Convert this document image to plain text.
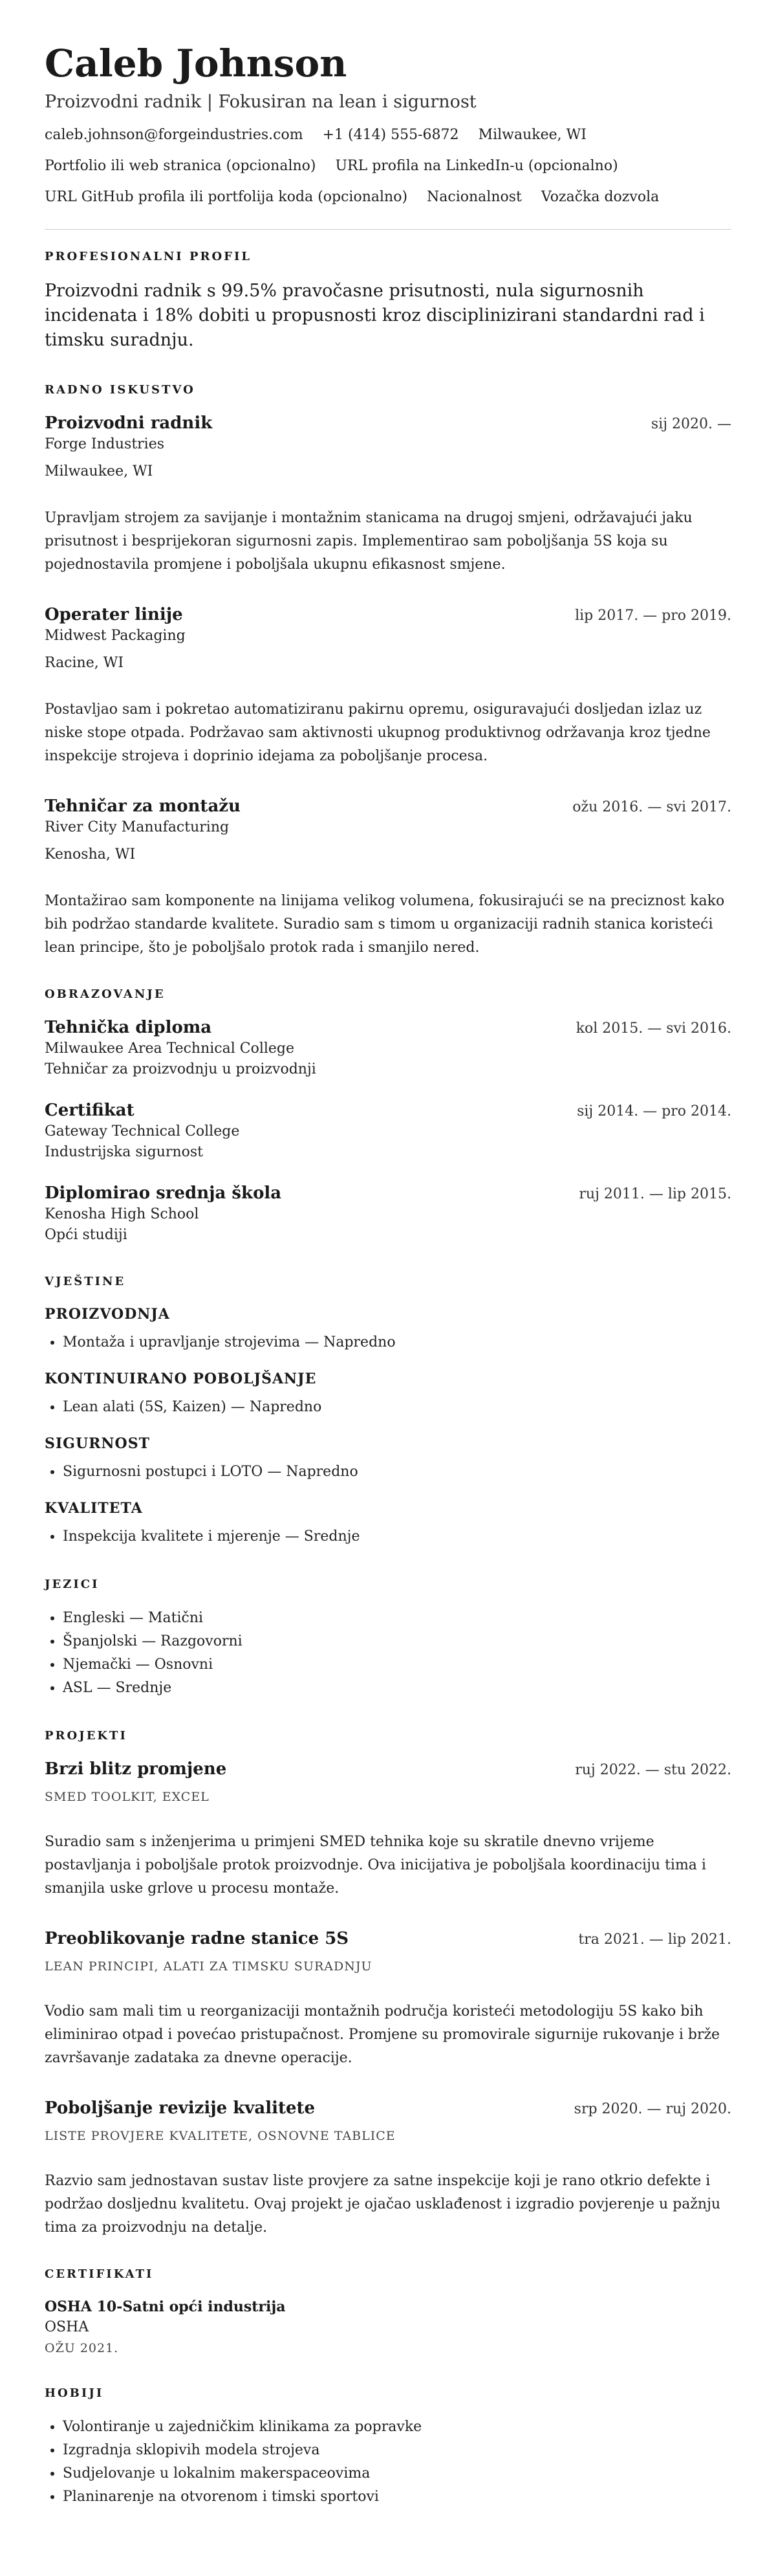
Caleb Johnson
Proizvodni radnik | Fokusiran na lean i sigurnost
caleb.johnson@forgeindustries.com +1 (414) 555-6872 Milwaukee, WI
Portfolio ili web stranica (opcionalno) URL profila na LinkedIn-u (opcionalno)
URL GitHub profila ili portfolija koda (opcionalno) Nacionalnost Vozačka dozvola
PROFESIONALNI PROFIL

Proizvodni radnik s 99.5% pravočasne prisutnosti, nula sigurnosnih incidenata i 18% dobiti u propusnosti kroz disciplinizirani standardni rad i timsku suradnju.

RADNO ISKUSTVO
Proizvodni radnik	sij 2020. —
Forge Industries
Milwaukee, WI
Upravljam strojem za savijanje i montažnim stanicama na drugoj smjeni, održavajući jaku prisutnost i besprijekoran sigurnosni zapis. Implementirao sam poboljšanja 5S koja su pojednostavila promjene i poboljšala ukupnu efikasnost smjene.
Operater linije	lip 2017. — pro 2019.
Midwest Packaging
Racine, WI
Postavljao sam i pokretao automatiziranu pakirnu opremu, osiguravajući dosljedan izlaz uz niske stope otpada. Podržavao sam aktivnosti ukupnog produktivnog održavanja kroz tjedne inspekcije strojeva i doprinio idejama za poboljšanje procesa.
Tehničar za montažu	ožu 2016. — svi 2017.
River City Manufacturing
Kenosha, WI
Montažirao sam komponente na linijama velikog volumena, fokusirajući se na preciznost kako bih podržao standarde kvalitete. Suradio sam s timom u organizaciji radnih stanica koristeći lean principe, što je poboljšalo protok rada i smanjilo nered.
OBRAZOVANJE
Tehnička diploma	kol 2015. — svi 2016.
Milwaukee Area Technical College
Tehničar za proizvodnju u proizvodnji
Certifikat	sij 2014. — pro 2014.
Gateway Technical College
Industrijska sigurnost
Diplomirao srednja škola	ruj 2011. — lip 2015.
Kenosha High School
Opći studiji
VJEŠTINE
PROIZVODNJA
• Montaža i upravljanje strojevima — Napredno
KONTINUIRANO POBOLJŠANJE
• Lean alati (5S, Kaizen) — Napredno
SIGURNOST
• Sigurnosni postupci i LOTO — Napredno
KVALITETA
• Inspekcija kvalitete i mjerenje — Srednje
JEZICI
• Engleski — Matični
• Španjolski — Razgovorni
• Njemački — Osnovni
• ASL — Srednje
PROJEKTI
Brzi blitz promjene	ruj 2022. — stu 2022.
SMED TOOLKIT, EXCEL
Suradio sam s inženjerima u primjeni SMED tehnika koje su skratile dnevno vrijeme postavljanja i poboljšale protok proizvodnje. Ova inicijativa je poboljšala koordinaciju tima i smanjila uske grlove u procesu montaže.
Preoblikovanje radne stanice 5S	tra 2021. — lip 2021.
LEAN PRINCIPI, ALATI ZA TIMSKU SURADNJU
Vodio sam mali tim u reorganizaciji montažnih područja koristeći metodologiju 5S kako bih eliminirao otpad i povećao pristupačnost. Promjene su promovirale sigurnije rukovanje i brže završavanje zadataka za dnevne operacije.
Poboljšanje revizije kvalitete	srp 2020. — ruj 2020.
LISTE PROVJERE KVALITETE, OSNOVNE TABLICE
Razvio sam jednostavan sustav liste provjere za satne inspekcije koji je rano otkrio defekte i podržao dosljednu kvalitetu. Ovaj projekt je ojačao usklađenost i izgradio povjerenje u pažnju tima za proizvodnju na detalje.
CERTIFIKATI
OSHA 10-Satni opći industrija
OSHA
OŽU 2021.
HOBIJI
• Volontiranje u zajedničkim klinikama za popravke
• Izgradnja sklopivih modela strojeva
• Sudjelovanje u lokalnim makerspaceovima
• Planinarenje na otvorenom i timski sportovi
